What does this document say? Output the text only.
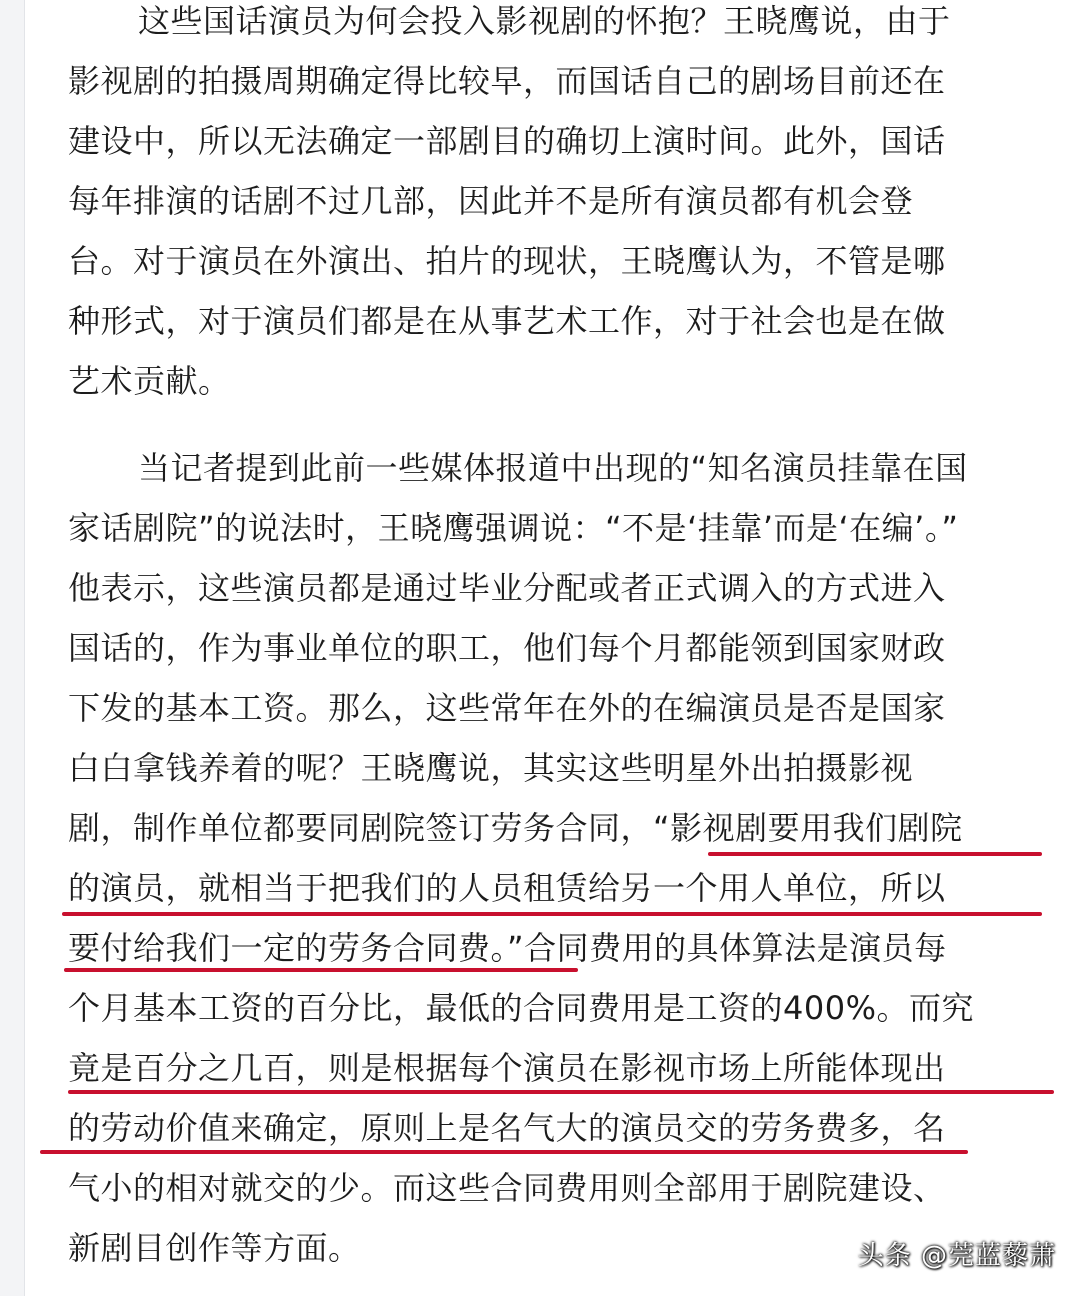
这些国话演员为何会投入影视剧的怀抱？王晓鹰说，由于
影视剧的拍摄周期确定得比较早，而国话自己的剧场目前还在
建设中，所以无法确定一部剧目的确切上演时间。此外，国话
每年排演的话剧不过几部，因此并不是所有演员都有机会登
台。对于演员在外演出、拍片的现状，王晓鹰认为，不管是哪
种形式，对于演员们都是在从事艺术工作，对于社会也是在做
艺术贡献。
当记者提到此前一些媒体报道中出现的“知名演员挂靠在国
家话剧院”的说法时，王晓鹰强调说：“不是‘挂靠’而是‘在编’。”
他表示，这些演员都是通过毕业分配或者正式调入的方式进入
国话的，作为事业单位的职工，他们每个月都能领到国家财政
下发的基本工资。那么，这些常年在外的在编演员是否是国家
白白拿钱养着的呢？王晓鹰说，其实这些明星外出拍摄影视
剧，制作单位都要同剧院签订劳务合同，“影视剧要用我们剧院
的演员，就相当于把我们的人员租赁给另一个用人单位，所以
要付给我们一定的劳务合同费。”合同费用的具体算法是演员每
个月基本工资的百分比，最低的合同费用是工资的400%。而究
竟是百分之几百，则是根据每个演员在影视市场上所能体现出
的劳动价值来确定，原则上是名气大的演员交的劳务费多，名
气小的相对就交的少。而这些合同费用则全部用于剧院建设、
新剧目创作等方面。	头条 @莞蓝藜萧
